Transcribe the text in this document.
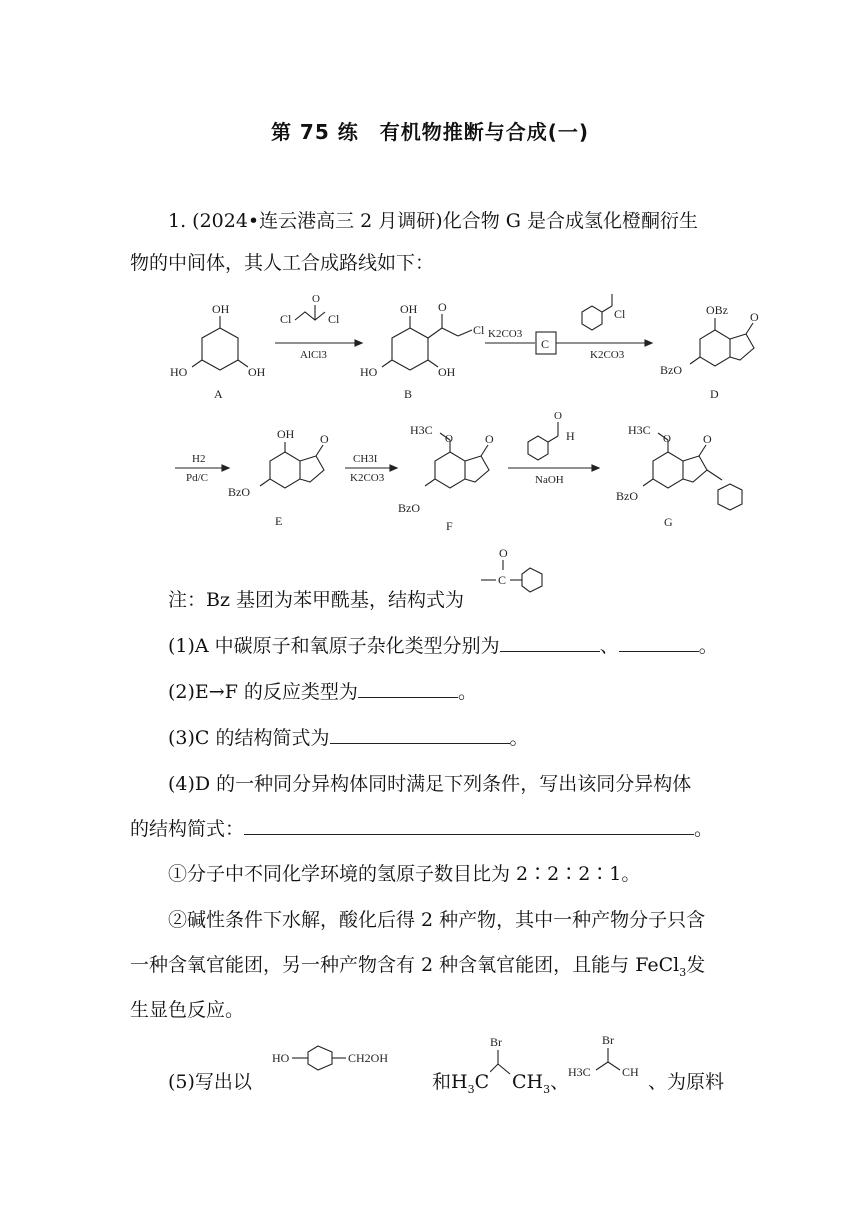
第 75 练　有机物推断与合成(一)
1. (2024•连云港高三 2 月调研)化合物 G 是合成氢化橙酮衍生
物的中间体，其人工合成路线如下：
OH
HO	OH
A
Cl
O
Cl
AlCl3
OH O
Cl
HO	OH
B
K2CO3
C
Cl
K2CO3
OBz O
BzO
D
H2
Pd/C
OH O
BzO
E
CH3I
K2CO3
H3C
O	O
BzO
F
O
H
NaOH
H3C
O	O
BzO
G
注：Bz 基团为苯甲酰基，结构式为
C
O
(1)A 中碳原子和氧原子杂化类型分别为	、	。
(2)E→F 的反应类型为	。
(3)C 的结构简式为	。
(4)D 的一种同分异构体同时满足下列条件，写出该同分异构体
的结构简式：	。
①分子中不同化学环境的氢原子数目比为 2∶2∶2∶1。
②碱性条件下水解，酸化后得 2 种产物，其中一种产物分子只含
一种含氧官能团，另一种产物含有 2 种含氧官能团，且能与 FeCl$_3$发
生显色反应。
(5)写出以
HO	CH2OH
和$H_3C$
Br
$CH_3$、
Br
H3C	CH 、为原料
